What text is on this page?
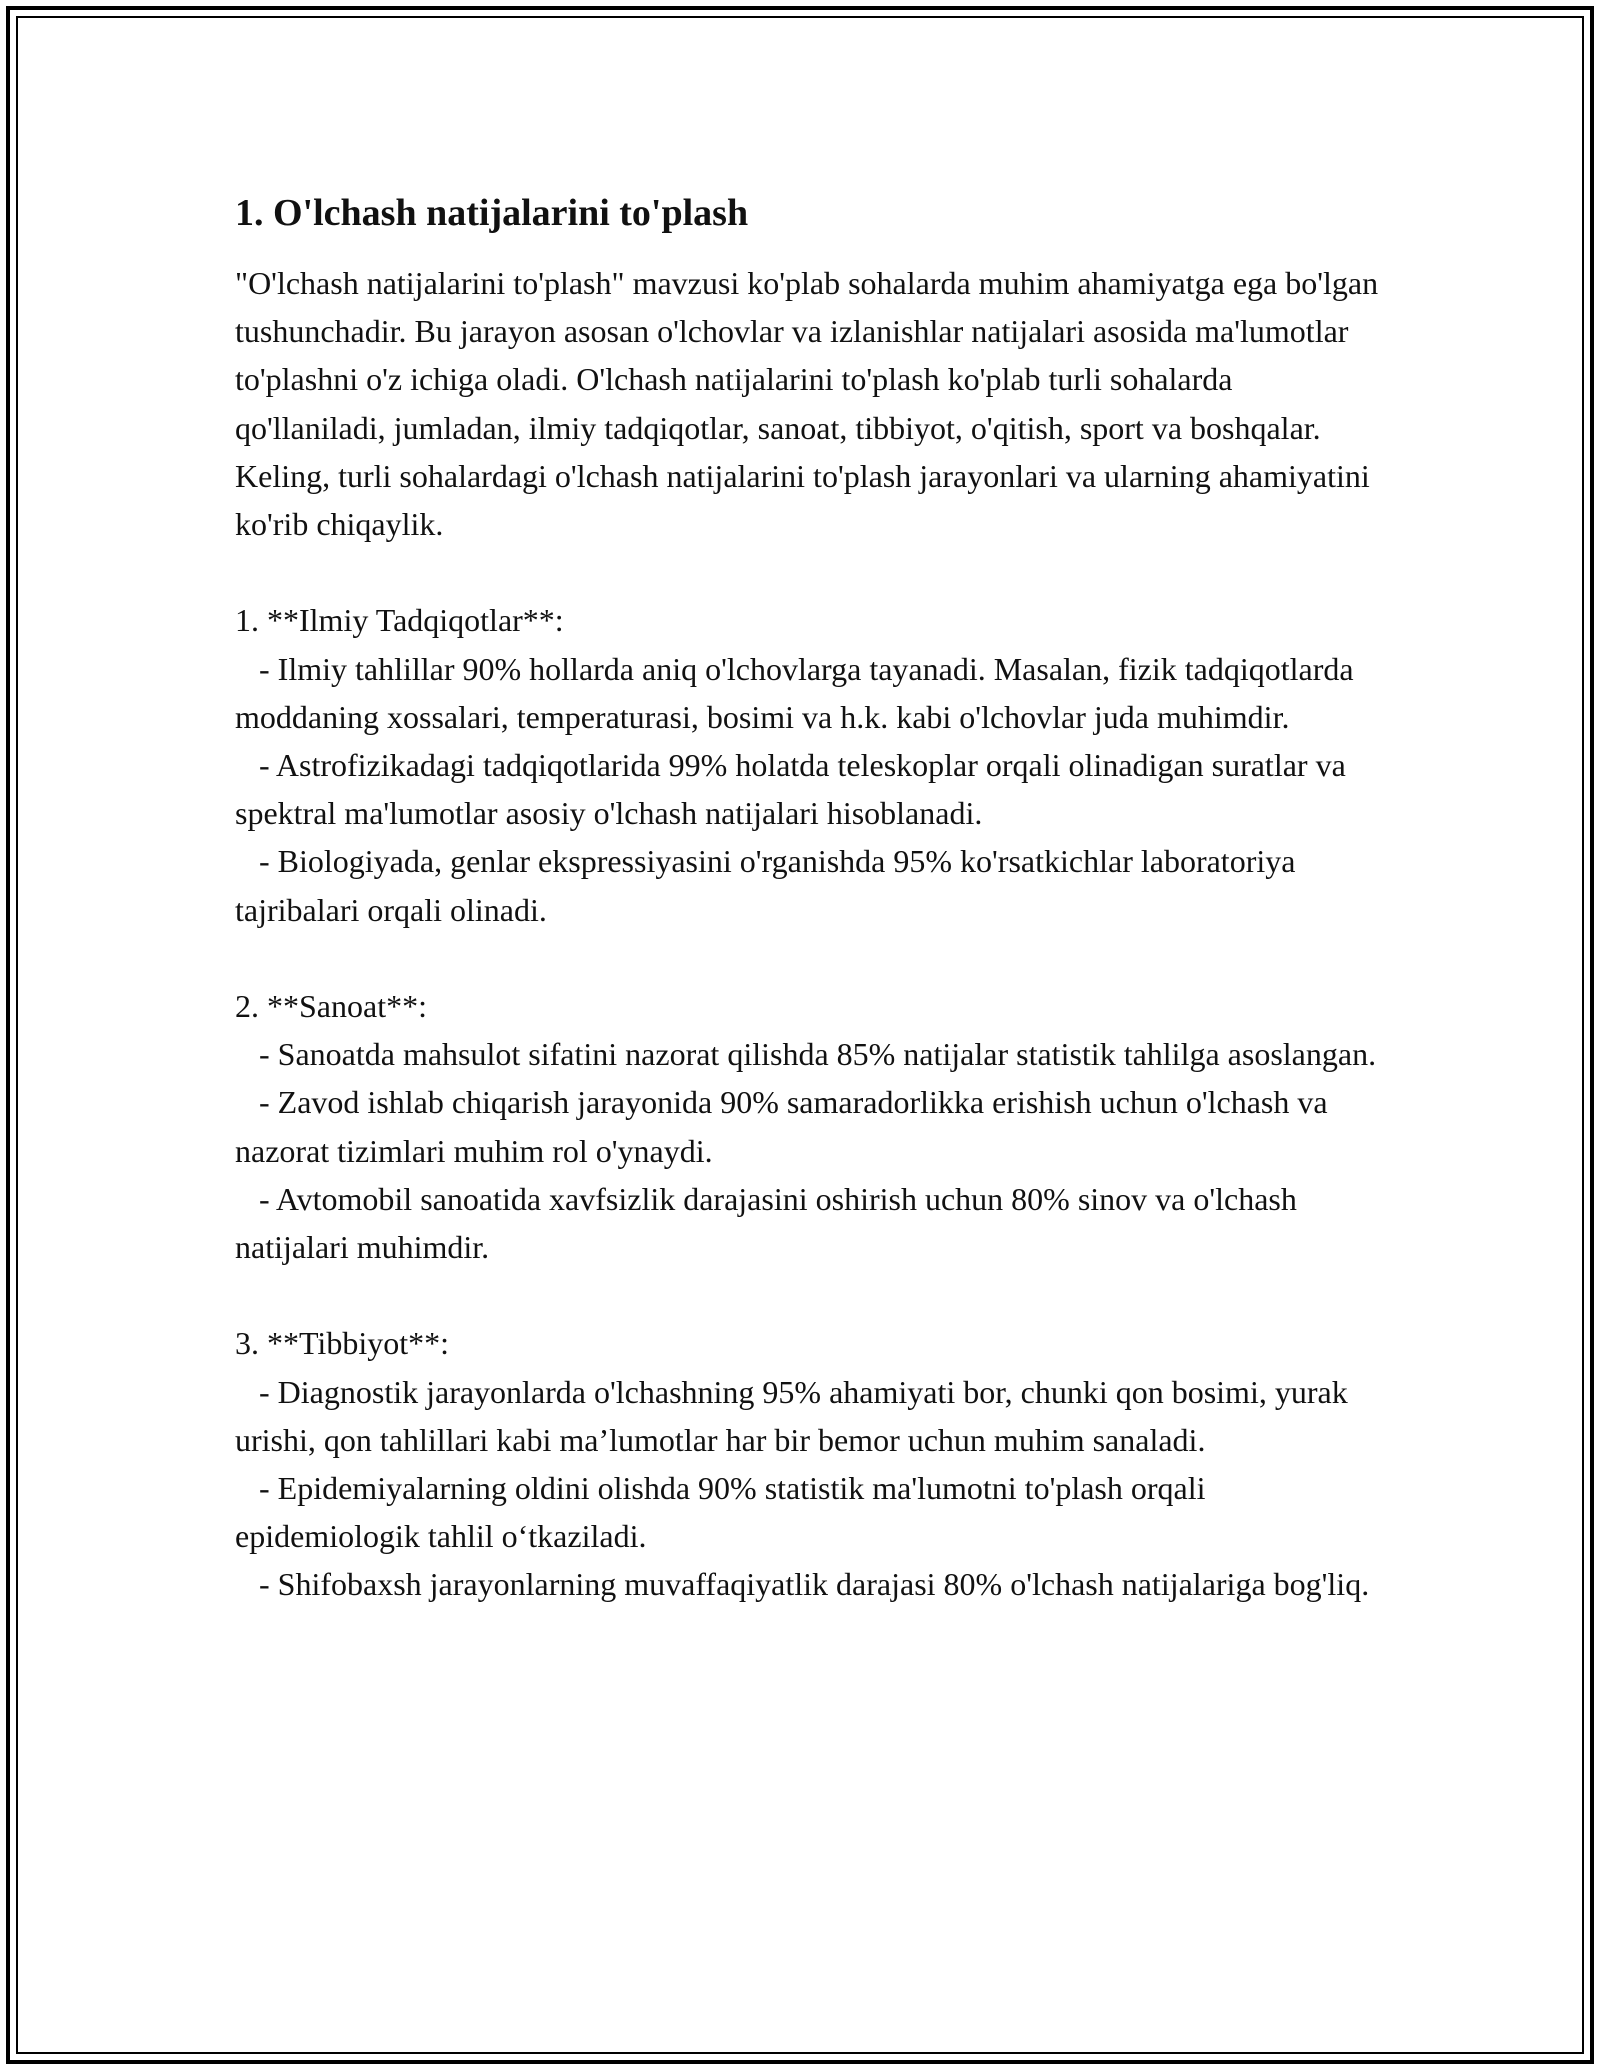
1. O'lchash natijalarini to'plash

"O'lchash natijalarini to'plash" mavzusi ko'plab sohalarda muhim ahamiyatga ega bo'lgan tushunchadir. Bu jarayon asosan o'lchovlar va izlanishlar natijalari asosida ma'lumotlar to'plashni o'z ichiga oladi. O'lchash natijalarini to'plash ko'plab turli sohalarda qo'llaniladi, jumladan, ilmiy tadqiqotlar, sanoat, tibbiyot, o'qitish, sport va boshqalar. Keling, turli sohalardagi o'lchash natijalarini to'plash jarayonlari va ularning ahamiyatini ko'rib chiqaylik.

1. **Ilmiy Tadqiqotlar**:

- Ilmiy tahlillar 90% hollarda aniq o'lchovlarga tayanadi. Masalan, fizik tadqiqotlarda moddaning xossalari, temperaturasi, bosimi va h.k. kabi o'lchovlar juda muhimdir.

- Astrofizikadagi tadqiqotlarida 99% holatda teleskoplar orqali olinadigan suratlar va spektral ma'lumotlar asosiy o'lchash natijalari hisoblanadi.

- Biologiyada, genlar ekspressiyasini o'rganishda 95% ko'rsatkichlar laboratoriya tajribalari orqali olinadi.

2. **Sanoat**:

- Sanoatda mahsulot sifatini nazorat qilishda 85% natijalar statistik tahlilga asoslangan.

- Zavod ishlab chiqarish jarayonida 90% samaradorlikka erishish uchun o'lchash va nazorat tizimlari muhim rol o'ynaydi.

- Avtomobil sanoatida xavfsizlik darajasini oshirish uchun 80% sinov va o'lchash natijalari muhimdir.

3. **Tibbiyot**:

- Diagnostik jarayonlarda o'lchashning 95% ahamiyati bor, chunki qon bosimi, yurak urishi, qon tahlillari kabi ma’lumotlar har bir bemor uchun muhim sanaladi.

- Epidemiyalarning oldini olishda 90% statistik ma'lumotni to'plash orqali epidemiologik tahlil o‘tkaziladi.

- Shifobaxsh jarayonlarning muvaffaqiyatlik darajasi 80% o'lchash natijalariga bog'liq.
